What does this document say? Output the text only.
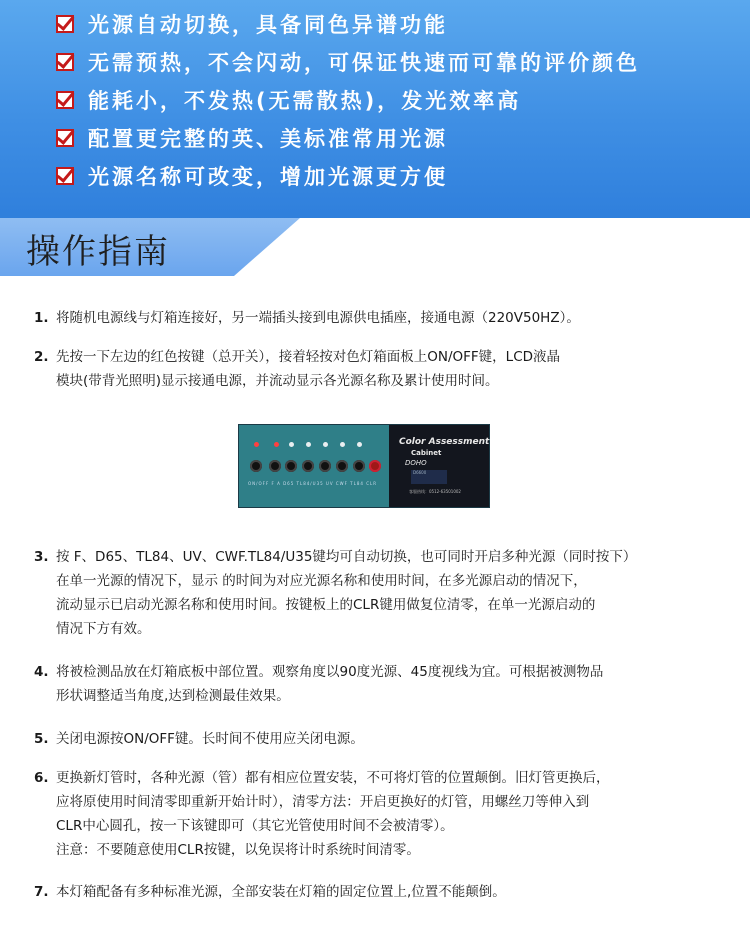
光源自动切换，具备同色异谱功能
无需预热，不会闪动，可保证快速而可靠的评价颜色
能耗小，不发热(无需散热)，发光效率高
配置更完整的英、美标准常用光源
光源名称可改变，增加光源更方便
操作指南
1. 将随机电源线与灯箱连接好，另一端插头接到电源供电插座，接通电源（220V50HZ）。
2. 先按一下左边的红色按键（总开关），接着轻按对色灯箱面板上ON/OFF键，LCD液晶
模块(带背光照明)显示接通电源，并流动显示各光源名称及累计使用时间。
3. 按 F、D65、TL84、UV、CWF.TL84/U35键均可自动切换，也可同时开启多种光源（同时按下）
在单一光源的情况下，显示 的时间为对应光源名称和使用时间，在多光源启动的情况下，
流动显示已启动光源名称和使用时间。按键板上的CLR键用做复位清零，在单一光源启动的
情况下方有效。
4. 将被检测品放在灯箱底板中部位置。观察角度以90度光源、45度视线为宜。可根据被测物品
形状调整适当角度,达到检测最佳效果。
5. 关闭电源按ON/OFF键。长时间不使用应关闭电源。
6. 更换新灯管时，各种光源（管）都有相应位置安装，不可将灯管的位置颠倒。旧灯管更换后，
应将原使用时间清零即重新开始计时），清零方法：开启更换好的灯管，用螺丝刀等伸入到
CLR中心圆孔，按一下该键即可（其它光管使用时间不会被清零）。
注意：不要随意使用CLR按键，以免误将计时系统时间清零。
7. 本灯箱配备有多种标准光源，全部安装在灯箱的固定位置上,位置不能颠倒。
ON/OFF F A D65 TL84/U35 UV CWF TL84 CLR
Color Assessment
Cabinet
DOHO
D6600
客服热线：0512-63501002
